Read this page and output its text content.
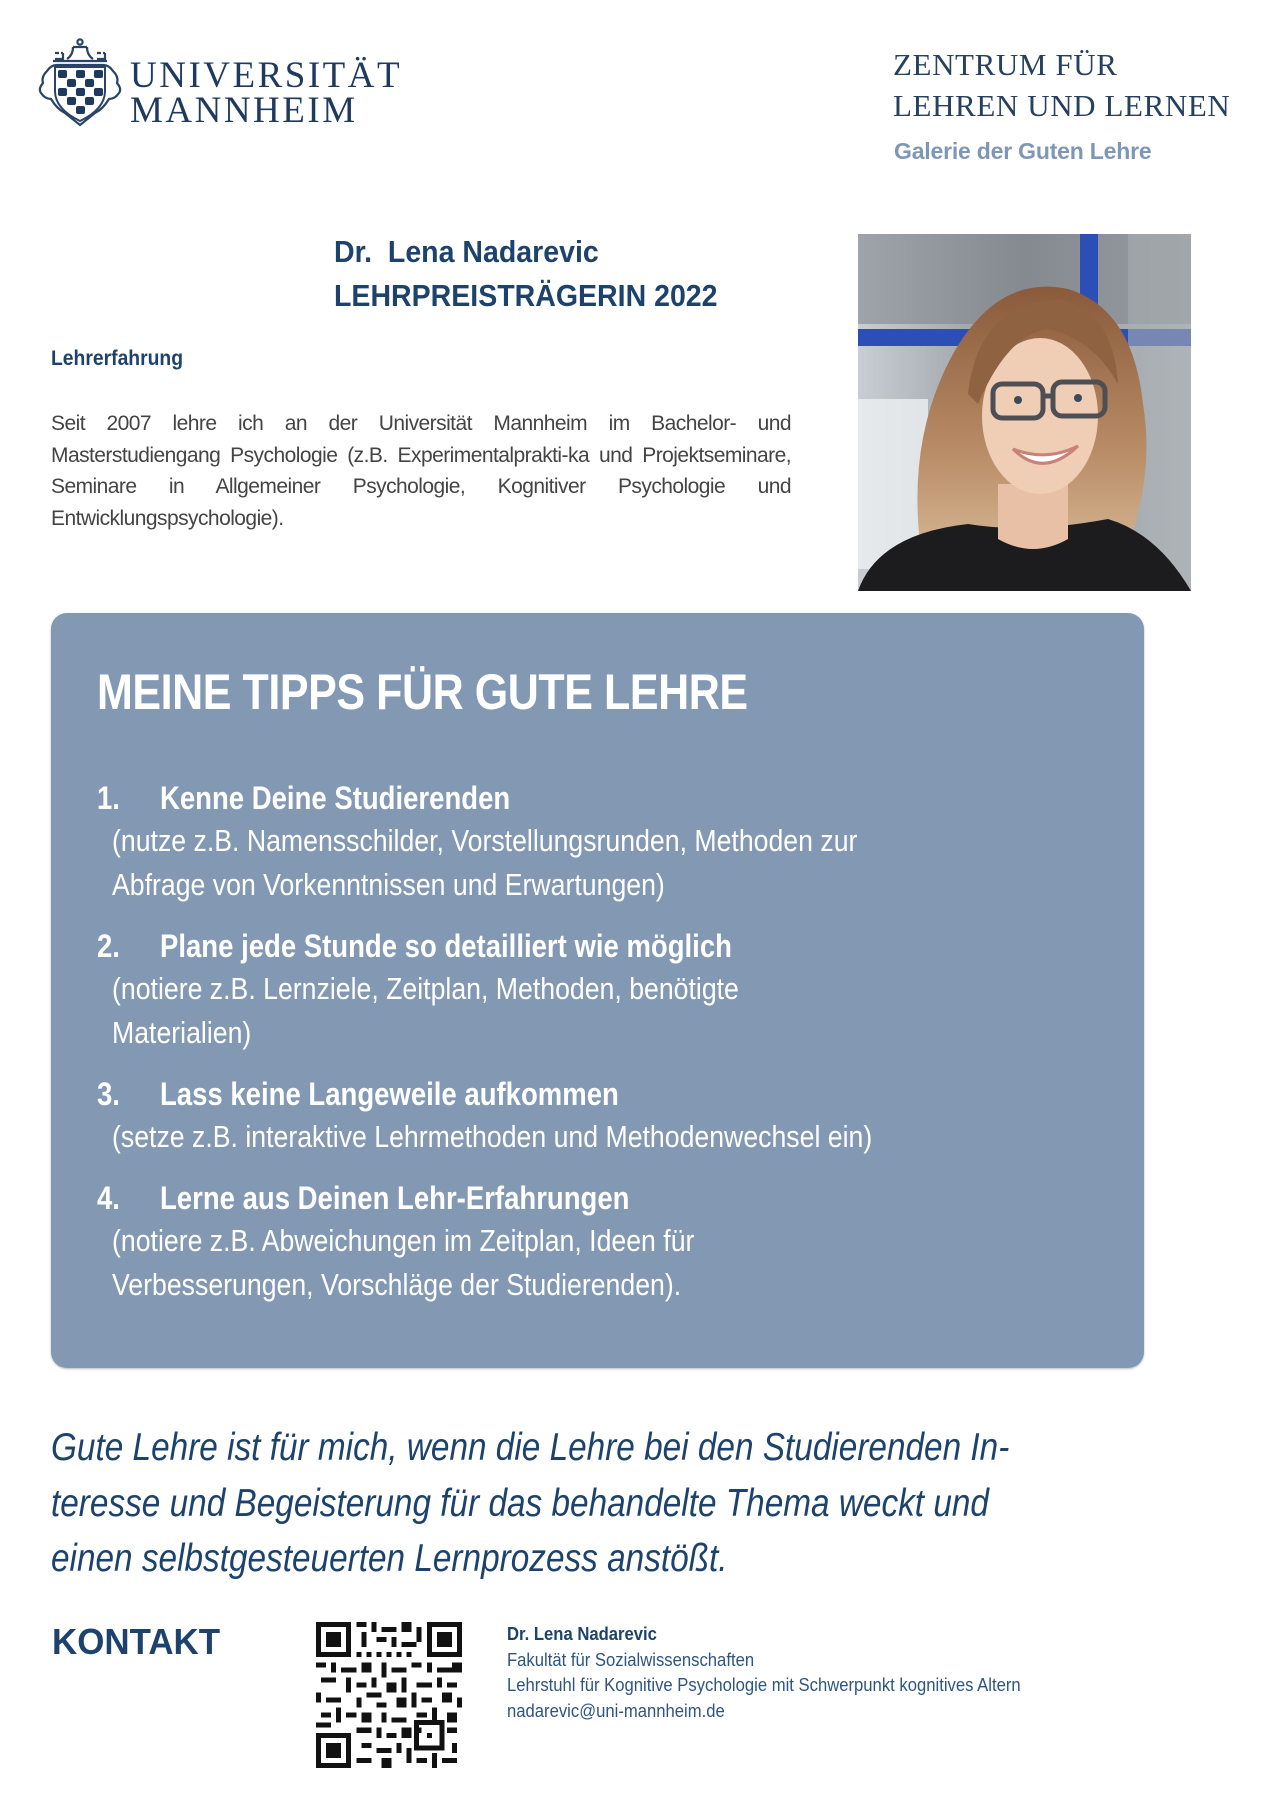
UNIVERSITÄT
MANNHEIM
ZENTRUM FÜR
LEHREN UND LERNEN
Galerie der Guten Lehre
Dr.  Lena Nadarevic
LEHRPREISTRÄGERIN 2022
Lehrerfahrung
Seit 2007 lehre ich an der Universität Mannheim im Bachelor- und Masterstudiengang Psychologie (z.B. Experimentalprakti-ka und Projektseminare, Seminare in Allgemeiner Psychologie, Kognitiver Psychologie und Entwicklungspsychologie).
MEINE TIPPS FÜR GUTE LEHRE
1. Kenne Deine Studierenden
(nutze z.B. Namensschilder, Vorstellungsrunden, Methoden zur
Abfrage von Vorkenntnissen und Erwartungen)
2. Plane jede Stunde so detailliert wie möglich
(notiere z.B. Lernziele, Zeitplan, Methoden, benötigte
Materialien)
3. Lass keine Langeweile aufkommen
(setze z.B. interaktive Lehrmethoden und Methodenwechsel ein)
4. Lerne aus Deinen Lehr-Erfahrungen
(notiere z.B. Abweichungen im Zeitplan, Ideen für
Verbesserungen, Vorschläge der Studierenden).
Gute Lehre ist für mich, wenn die Lehre bei den Studierenden In-
teresse und Begeisterung für das behandelte Thema weckt und
einen selbstgesteuerten Lernprozess anstößt.
KONTAKT	Dr. Lena Nadarevic
Fakultät für Sozialwissenschaften
Lehrstuhl für Kognitive Psychologie mit Schwerpunkt kognitives Altern
nadarevic@uni-mannheim.de
